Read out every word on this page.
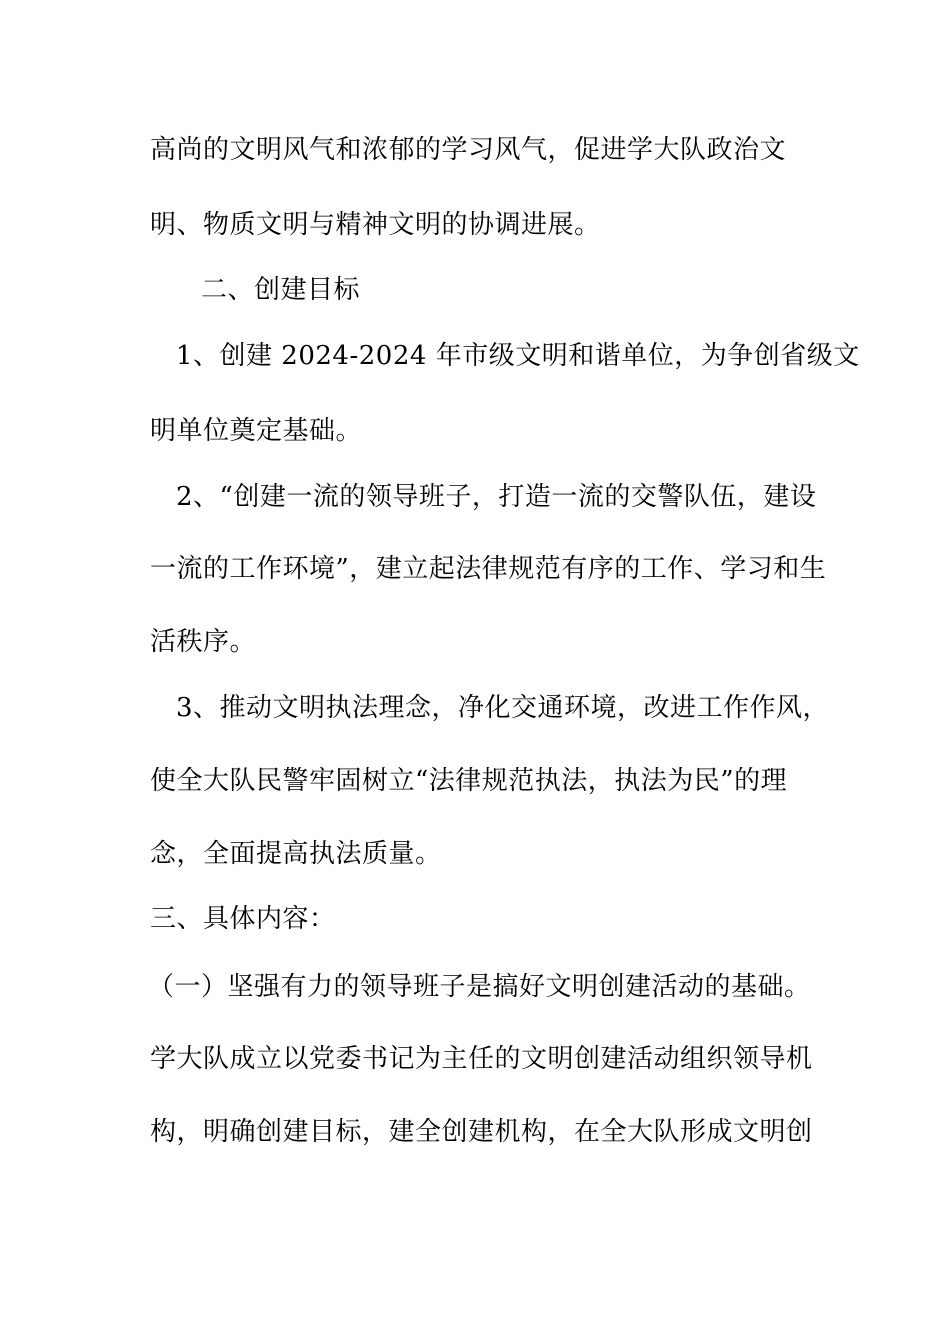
高尚的文明风气和浓郁的学习风气，促进学大队政治文
明、物质文明与精神文明的协调进展。
二、创建目标
1、创建 2024-2024 年市级文明和谐单位，为争创省级文
明单位奠定基础。
2、“创建一流的领导班子，打造一流的交警队伍，建设
一流的工作环境”，建立起法律规范有序的工作、学习和生
活秩序。
3、推动文明执法理念，净化交通环境，改进工作作风，
使全大队民警牢固树立“法律规范执法，执法为民”的理
念，全面提高执法质量。
三、具体内容：
（一）坚强有力的领导班子是搞好文明创建活动的基础。
学大队成立以党委书记为主任的文明创建活动组织领导机
构，明确创建目标，建全创建机构，在全大队形成文明创
